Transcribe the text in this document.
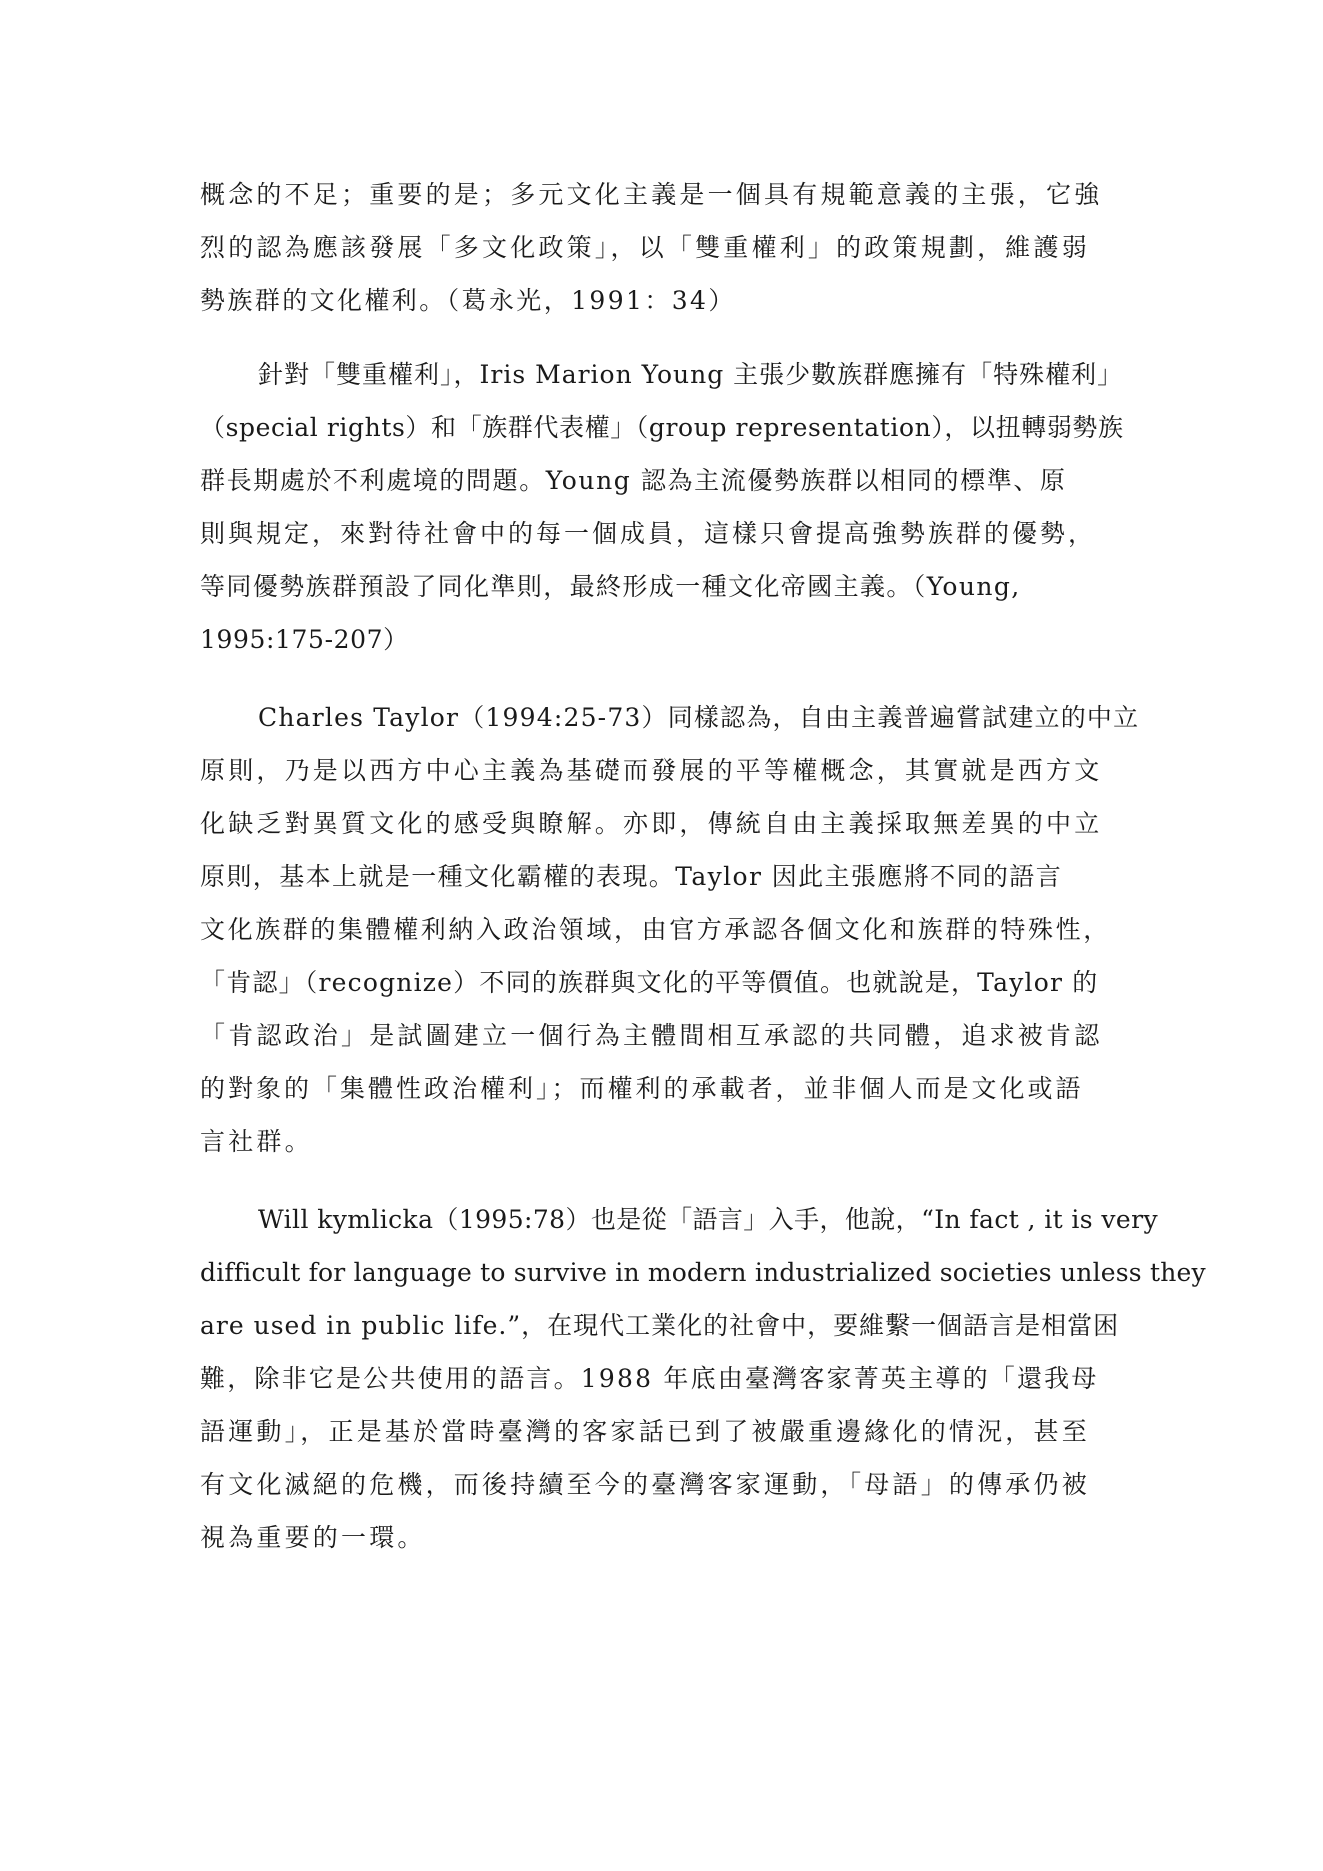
概念的不足；重要的是；多元文化主義是一個具有規範意義的主張，它強
烈的認為應該發展「多文化政策」，以「雙重權利」的政策規劃，維護弱
勢族群的文化權利。（葛永光，1991：34）
針對「雙重權利」，Iris Marion Young 主張少數族群應擁有「特殊權利」
（special rights）和「族群代表權」（group representation），以扭轉弱勢族
群長期處於不利處境的問題。Young 認為主流優勢族群以相同的標準、原
則與規定，來對待社會中的每一個成員，這樣只會提高強勢族群的優勢，
等同優勢族群預設了同化準則，最終形成一種文化帝國主義。（Young,
1995:175-207）
Charles Taylor（1994:25-73）同樣認為，自由主義普遍嘗試建立的中立
原則，乃是以西方中心主義為基礎而發展的平等權概念，其實就是西方文
化缺乏對異質文化的感受與瞭解。亦即，傳統自由主義採取無差異的中立
原則，基本上就是一種文化霸權的表現。Taylor 因此主張應將不同的語言
文化族群的集體權利納入政治領域，由官方承認各個文化和族群的特殊性，
「肯認」（recognize）不同的族群與文化的平等價值。也就說是，Taylor 的
「肯認政治」是試圖建立一個行為主體間相互承認的共同體，追求被肯認
的對象的「集體性政治權利」；而權利的承載者，並非個人而是文化或語
言社群。
Will kymlicka（1995:78）也是從「語言」入手，他說，“In fact , it is very
difficult for language to survive in modern industrialized societies unless they
are used in public life.”，在現代工業化的社會中，要維繫一個語言是相當困
難，除非它是公共使用的語言。1988 年底由臺灣客家菁英主導的「還我母
語運動」，正是基於當時臺灣的客家話已到了被嚴重邊緣化的情況，甚至
有文化滅絕的危機，而後持續至今的臺灣客家運動，「母語」的傳承仍被
視為重要的一環。
